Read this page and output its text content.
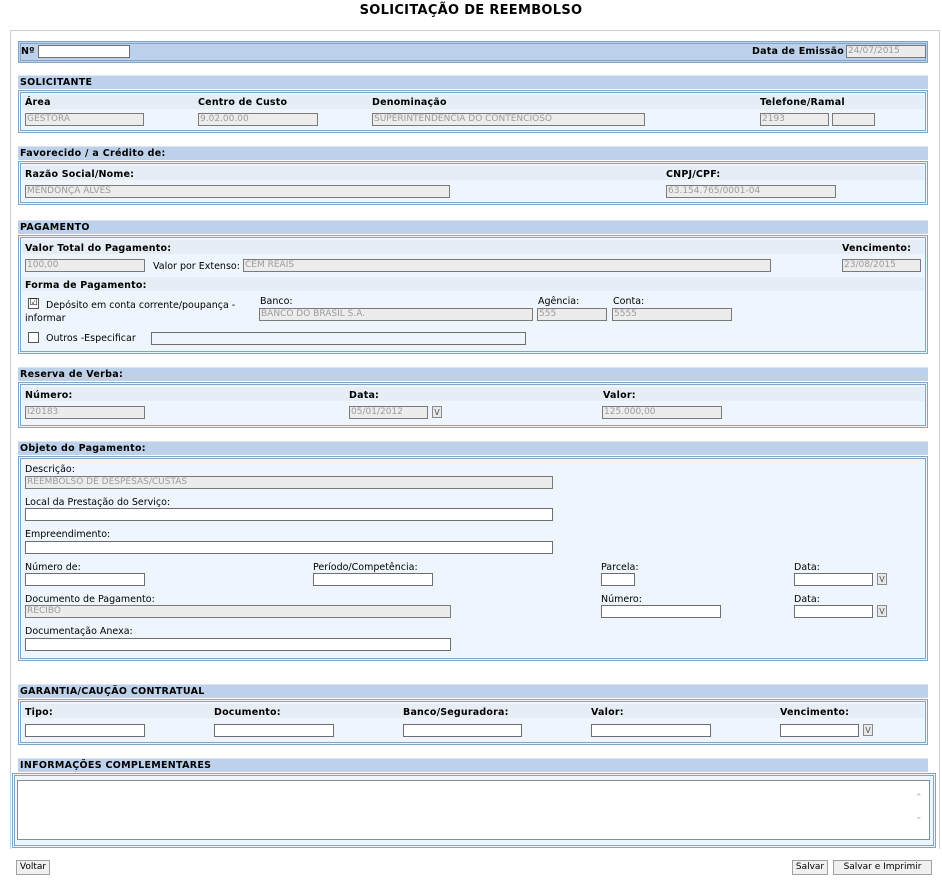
SOLICITAÇÃO DE REEMBOLSO
Nº	Data de Emissão 24/07/2015
SOLICITANTE
Área	Centro de Custo	Denominação	Telefone/Ramal
GESTORA	9.02.00.00	SUPERINTENDÊNCIA DO CONTENCIOSO	2193
Favorecido / a Crédito de:
Razão Social/Nome:	CNPJ/CPF:
MENDONÇA ALVES	63.154.765/0001-04
PAGAMENTO
Valor Total do Pagamento:	Vencimento:
100,00	Valor por Extenso: CEM REAIS	23/08/2015
Forma de Pagamento:
☑ Depósito em conta corrente/poupança -
informar
Banco:
BANCO DO BRASIL S.A.
Agência:
555
Conta:
5555
Outros -Especificar
Reserva de Verba:
Número:	Data:	Valor:
I20183	05/01/2012	V	125.000,00
Objeto do Pagamento:
Descrição:
REEMBOLSO DE DESPESAS/CUSTAS
Local da Prestação do Serviço:
Empreendimento:
Número de:	Período/Competência:	Parcela:	Data:
V
Documento de Pagamento:
RECIBO
Número:	Data:
V
Documentação Anexa:
GARANTIA/CAUÇÃO CONTRATUAL
Tipo:	Documento:	Banco/Seguradora:	Valor:	Vencimento:
V
INFORMAÇÕES COMPLEMENTARES
⌃
⌄
Voltar	Salvar	Salvar e Imprimir
